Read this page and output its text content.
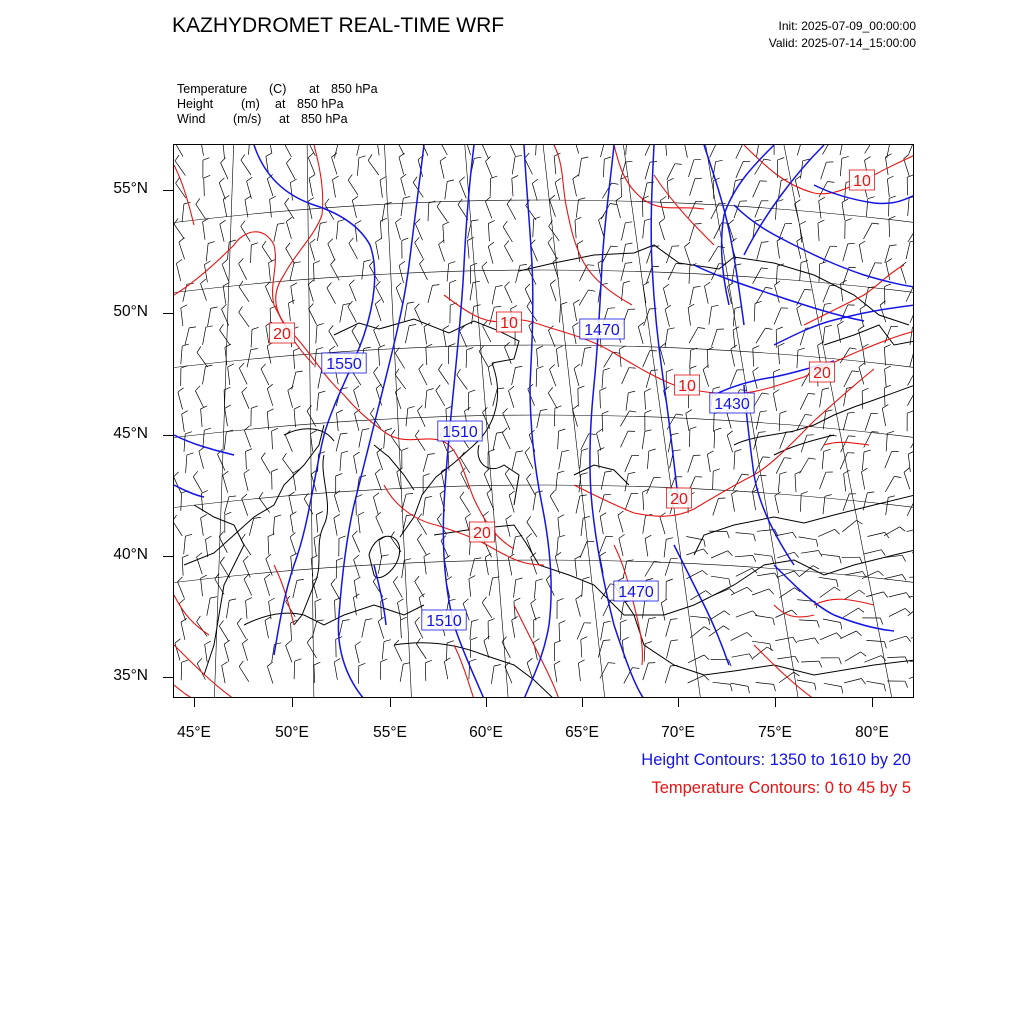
KAZHYDROMET REAL-TIME WRF	Init: 2025-07-09_00:00:00
Valid: 2025-07-14_15:00:00
Temperature (C) at 850 hPa
Height (m) at 850 hPa
Wind (m/s) at 850 hPa
1550
1470
1430
1510
1470
1510
20
10
10
20
20
20
10
55°N
50°N
45°N
40°N
35°N
45°E	50°E	55°E	60°E	65°E	70°E	75°E	80°E
Height Contours: 1350 to 1610 by 20
Temperature Contours: 0 to 45 by 5
